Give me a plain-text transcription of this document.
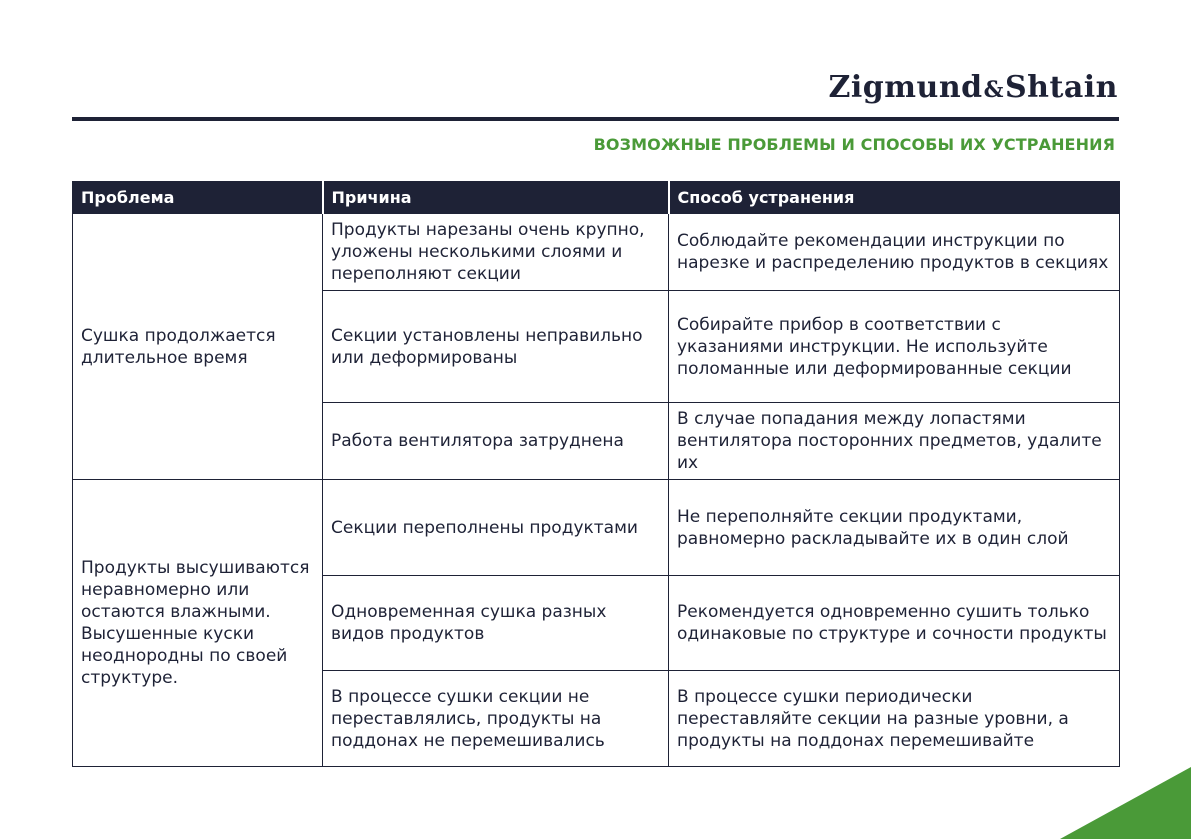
Zigmund&Shtain
ВОЗМОЖНЫЕ ПРОБЛЕМЫ И СПОСОБЫ ИХ УСТРАНЕНИЯ
Проблема	Причина	Способ устранения
Сушка продолжается длительное время	Продукты нарезаны очень крупно, уложены несколькими слоями и переполняют секции	Соблюдайте рекомендации инструкции по нарезке и распределению продуктов в секциях
	Секции установлены неправильно или деформированы	Собирайте прибор в соответствии с указаниями инструкции. Не используйте поломанные или деформированные секции
	Работа вентилятора затруднена	В случае попадания между лопастями вентилятора посторонних предметов, удалите их
Продукты высушиваются неравномерно или остаются влажными. Высушенные куски неоднородны по своей структуре.	Секции переполнены продуктами	Не переполняйте секции продуктами, равномерно раскладывайте их в один слой
	Одновременная сушка разных видов продуктов	Рекомендуется одновременно сушить только одинаковые по структуре и сочности продукты
	В процессе сушки секции не переставлялись, продукты на поддонах не перемешивались	В процессе сушки периодически переставляйте секции на разные уровни, а продукты на поддонах перемешивайте
